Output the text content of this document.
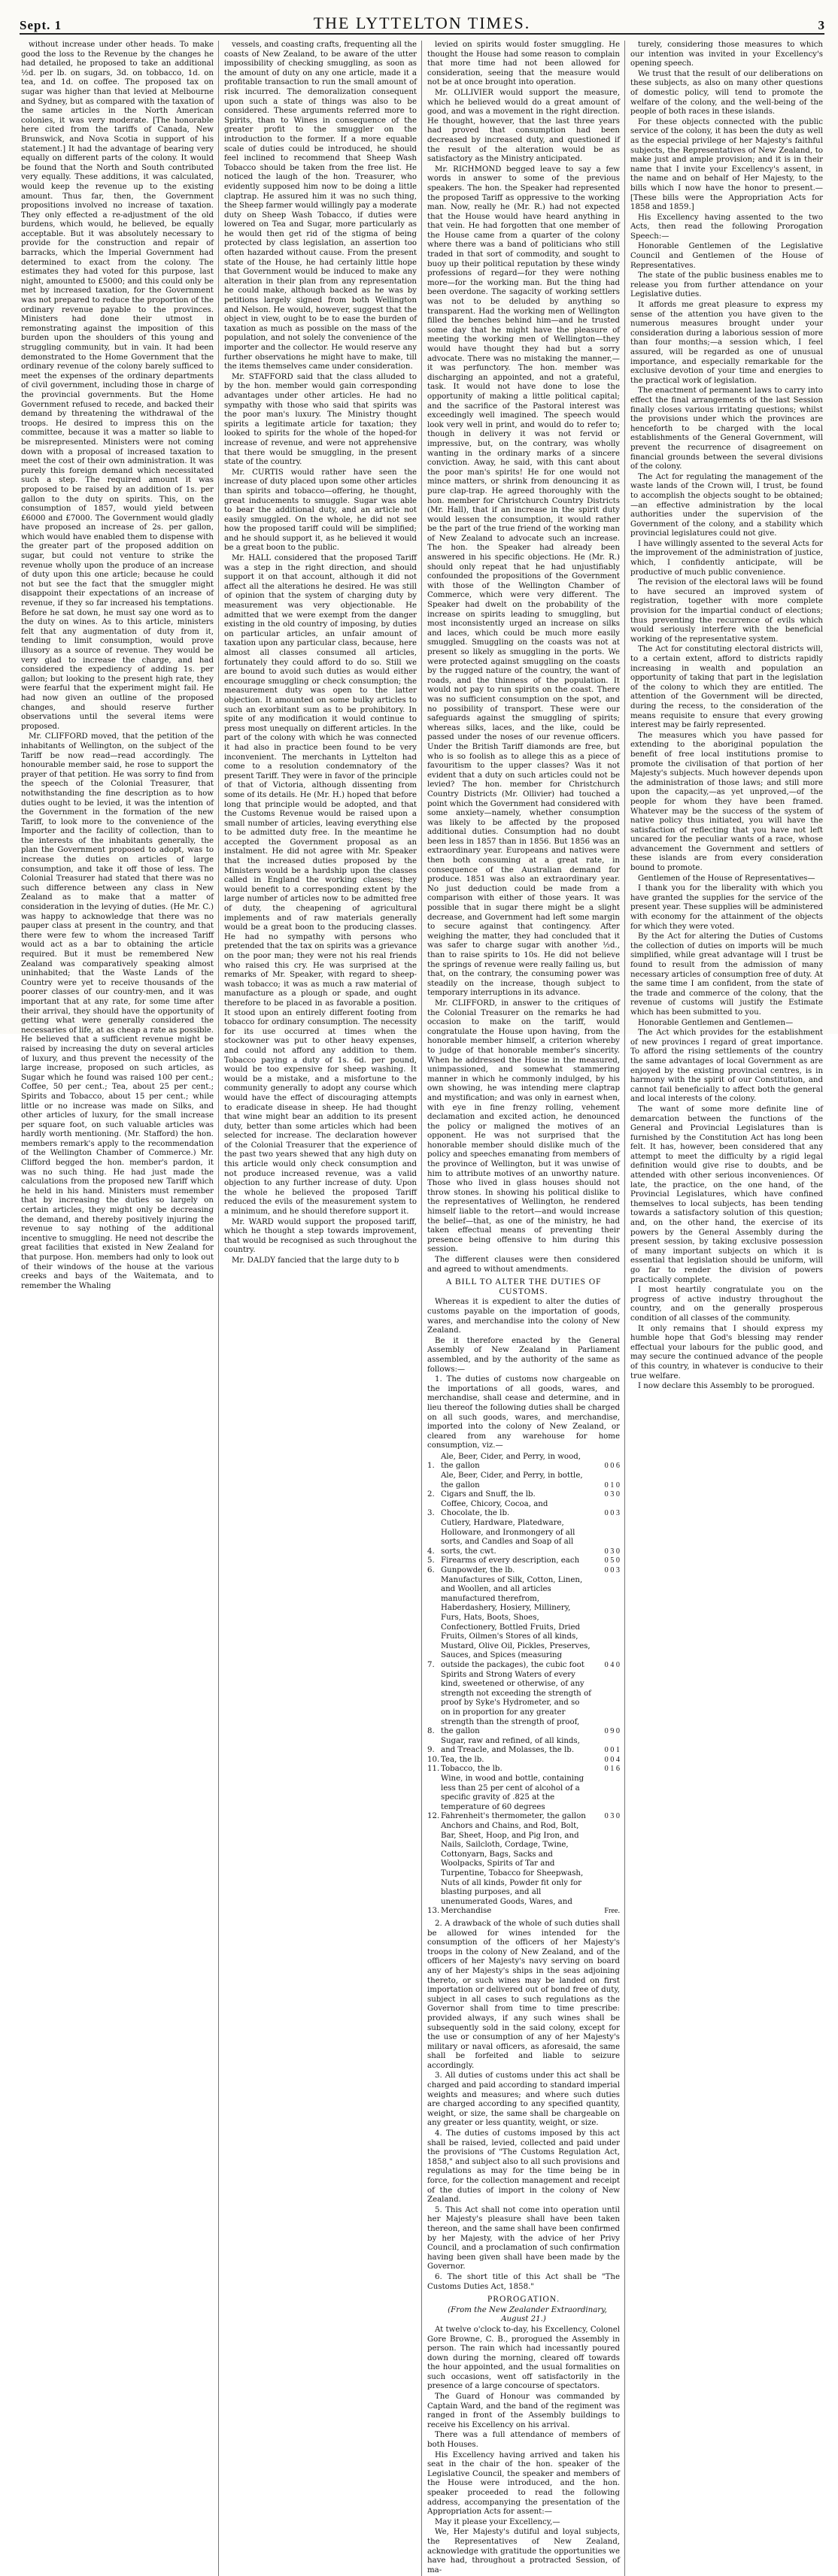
Sept. 1	THE LYTTELTON TIMES.	3

without increase under other heads. To make good the loss to the Revenue by the changes he had detailed, he proposed to take an additional ½d. per lb. on sugars, 3d. on tobbacco, 1d. on tea, and 1d. on coffee. The proposed tax on sugar was higher than that levied at Melbourne and Sydney, but as compared with the taxation of the same articles in the North American colonies, it was very moderate. [The honorable here cited from the tariffs of Canada, New Brunswick, and Nova Scotia in support of his statement.] It had the advantage of bearing very equally on different parts of the colony. It would be found that the North and South contributed very equally. These additions, it was calculated, would keep the revenue up to the existing amount. Thus far, then, the Government propositions involved no increase of taxation. They only effected a re-adjustment of the old burdens, which would, he believed, be equally acceptable. But it was absolutely necessary to provide for the construction and repair of barracks, which the Imperial Government had determined to exact from the colony. The estimates they had voted for this purpose, last night, amounted to £5000; and this could only be met by increased taxation, for the Government was not prepared to reduce the proportion of the ordinary revenue payable to the provinces. Ministers had done their utmost in remonstrating against the imposition of this burden upon the shoulders of this young and struggling community, but in vain. It had been demonstrated to the Home Government that the ordinary revenue of the colony barely sufficed to meet the expenses of the ordinary departments of civil government, including those in charge of the provincial governments. But the Home Government refused to recede, and backed their demand by threatening the withdrawal of the troops. He desired to impress this on the committee, because it was a matter so liable to be misrepresented. Ministers were not coming down with a proposal of increased taxation to meet the cost of their own administration. It was purely this foreign demand which necessitated such a step. The required amount it was proposed to be raised by an addition of 1s. per gallon to the duty on spirits. This, on the consumption of 1857, would yield between £6000 and £7000. The Government would gladly have proposed an increase of 2s. per gallon, which would have enabled them to dispense with the greater part of the proposed addition on sugar, but could not venture to strike the revenue wholly upon the produce of an increase of duty upon this one article; because he could not but see the fact that the smuggler might disappoint their expectations of an increase of revenue, if they so far increased his temptations. Before he sat down, he must say one word as to the duty on wines. As to this article, ministers felt that any augmentation of duty from it, tending to limit consumption, would prove illusory as a source of revenue. They would be very glad to increase the charge, and had considered the expediency of adding 1s. per gallon; but looking to the present high rate, they were fearful that the experiment might fail. He had now given an outline of the proposed changes, and should reserve further observations until the several items were proposed.

Mr. CLIFFORD moved, that the petition of the inhabitants of Wellington, on the subject of the Tariff be now read—read accordingly. The honourable member said, he rose to support the prayer of that petition. He was sorry to find from the speech of the Colonial Treasurer, that notwithstanding the fine description as to how duties ought to be levied, it was the intention of the Government in the formation of the new Tariff, to look more to the convenience of the Importer and the facility of collection, than to the interests of the inhabitants generally, the plan the Government proposed to adopt, was to increase the duties on articles of large consumption, and take it off those of less. The Colonial Treasurer had stated that there was no such difference between any class in New Zealand as to make that a matter of consideration in the levying of duties. (He Mr. C.) was happy to acknowledge that there was no pauper class at present in the country, and that there were few to whom the increased Tariff would act as a bar to obtaining the article required. But it must be remembered New Zealand was comparatively speaking almost uninhabited; that the Waste Lands of the Country were yet to receive thousands of the poorer classes of our country-men, and it was important that at any rate, for some time after their arrival, they should have the opportunity of getting what were generally considered the necessaries of life, at as cheap a rate as possible. He believed that a sufficient revenue might be raised by increasing the duty on several articles of luxury, and thus prevent the necessity of the large increase, proposed on such articles, as Sugar which he found was raised 100 per cent.; Coffee, 50 per cent.; Tea, about 25 per cent.; Spirits and Tobacco, about 15 per cent.; while little or no increase was made on Silks, and other articles of luxury, for the small increase per square foot, on such valuable articles was hardly worth mentioning. (Mr. Stafford) the hon. members remark's apply to the recommendation of the Wellington Chamber of Commerce.) Mr. Clifford begged the hon. member's pardon, it was no such thing. He had just made the calculations from the proposed new Tariff which he held in his hand. Ministers must remember that by increasing the duties so largely on certain articles, they might only be decreasing the demand, and thereby positively injuring the revenue to say nothing of the additional incentive to smuggling. He need not describe the great facilities that existed in New Zealand for that purpose. Hon. members had only to look out of their windows of the house at the various creeks and bays of the Waitemata, and to remember the Whaling

vessels, and coasting crafts, frequenting all the coasts of New Zealand, to be aware of the utter impossibility of checking smuggling, as soon as the amount of duty on any one article, made it a profitable transaction to run the small amount of risk incurred. The demoralization consequent upon such a state of things was also to be considered. These arguments referred more to Spirits, than to Wines in consequence of the greater profit to the smuggler on the introduction to the former. If a more equable scale of duties could be introduced, he should feel inclined to recommend that Sheep Wash Tobacco should be taken from the free list. He noticed the laugh of the hon. Treasurer, who evidently supposed him now to be doing a little claptrap. He assured him it was no such thing, the Sheep farmer would willingly pay a moderate duty on Sheep Wash Tobacco, if duties were lowered on Tea and Sugar, more particularly as he would then get rid of the stigma of being protected by class legislation, an assertion too often hazarded without cause. From the present state of the House, he had certainly little hope that Government would be induced to make any alteration in their plan from any representation he could make, although backed as he was by petitions largely signed from both Wellington and Nelson. He would, however, suggest that the object in view, ought to be to ease the burden of taxation as much as possible on the mass of the population, and not solely the convenience of the importer and the collector. He would reserve any further observations he might have to make, till the items themselves came under consideration.

Mr. STAFFORD said that the class alluded to by the hon. member would gain corresponding advantages under other articles. He had no sympathy with those who said that spirits was the poor man's luxury. The Ministry thought spirits a legitimate article for taxation; they looked to spirits for the whole of the hoped-for increase of revenue, and were not apprehensive that there would be smuggling, in the present state of the country.

Mr. CURTIS would rather have seen the increase of duty placed upon some other articles than spirits and tobacco—offering, he thought, great inducements to smuggle. Sugar was able to bear the additional duty, and an article not easily smuggled. On the whole, he did not see how the proposed tariff could will be simplified; and he should support it, as he believed it would be a great boon to the public.

Mr. HALL considered that the proposed Tariff was a step in the right direction, and should support it on that account, although it did not affect all the alterations he desired. He was still of opinion that the system of charging duty by measurement was very objectionable. He admitted that we were exempt from the danger existing in the old country of imposing, by duties on particular articles, an unfair amount of taxation upon any particular class, because, here almost all classes consumed all articles, fortunately they could afford to do so. Still we are bound to avoid such duties as would either encourage smuggling or check consumption; the measurement duty was open to the latter objection. It amounted on some bulky articles to such an exorbitant sum as to be prohibitory. In spite of any modification it would continue to press most unequally on different articles. In the part of the colony with which he was connected it had also in practice been found to be very inconvenient. The merchants in Lyttelton had come to a resolution condemnatory of the present Tariff. They were in favor of the principle of that of Victoria, although dissenting from some of its details. He (Mr. H.) hoped that before long that principle would be adopted, and that the Customs Revenue would be raised upon a small number of articles, leaving everything else to be admitted duty free. In the meantime he accepted the Government proposal as an instalment. He did not agree with Mr. Speaker that the increased duties proposed by the Ministers would be a hardship upon the classes called in England the working classes; they would benefit to a corresponding extent by the large number of articles now to be admitted free of duty, the cheapening of agricultural implements and of raw materials generally would be a great boon to the producing classes. He had no sympathy with persons who pretended that the tax on spirits was a grievance on the poor man; they were not his real friends who raised this cry. He was surprised at the remarks of Mr. Speaker, with regard to sheep-wash tobacco; it was as much a raw material of manufacture as a plough or spade, and ought therefore to be placed in as favorable a position. It stood upon an entirely different footing from tobacco for ordinary consumption. The necessity for its use occurred at times when the stockowner was put to other heavy expenses, and could not afford any addition to them. Tobacco paying a duty of 1s. 6d. per pound, would be too expensive for sheep washing. It would be a mistake, and a misfortune to the community generally to adopt any course which would have the effect of discouraging attempts to eradicate disease in sheep. He had thought that wine might bear an addition to its present duty, better than some articles which had been selected for increase. The declaration however of the Colonial Treasurer that the experience of the past two years shewed that any high duty on this article would only check consumption and not produce increased revenue, was a valid objection to any further increase of duty. Upon the whole he believed the proposed Tariff reduced the evils of the measurement system to a minimum, and he should therefore support it.

Mr. WARD would support the proposed tariff, which he thought a step towards improvement, that would be recognised as such throughout the country.

Mr. DALDY fancied that the large duty to b

levied on spirits would foster smuggling. He thought the House had some reason to complain that more time had not been allowed for consideration, seeing that the measure would not be at once brought into operation.

Mr. OLLIVIER would support the measure, which he believed would do a great amount of good, and was a movement in the right direction. He thought, however, that the last three years had proved that consumption had been decreased by increased duty, and questioned if the result of the alteration would be as satisfactory as the Ministry anticipated.

Mr. RICHMOND begged leave to say a few words in answer to some of the previous speakers. The hon. the Speaker had represented the proposed Tariff as oppressive to the working man. Now, really he (Mr. R.) had not expected that the House would have heard anything in that vein. He had forgotten that one member of the House came from a quarter of the colony where there was a band of politicians who still traded in that sort of commodity, and sought to buoy up their political reputation by these windy professions of regard—for they were nothing more—for the working man. But the thing had been overdone. The sagacity of working settlers was not to be deluded by anything so transparent. Had the working men of Wellington filled the benches behind him—and he trusted some day that he might have the pleasure of meeting the working men of Wellington—they would have thought they had but a sorry advocate. There was no mistaking the manner,—it was perfunctory. The hon. member was discharging an appointed, and not a grateful, task. It would not have done to lose the opportunity of making a little political capital; and the sacrifice of the Pastoral interest was exceedingly well imagined. The speech would look very well in print, and would do to refer to; though in delivery it was not fervid or impressive, but, on the contrary, was wholly wanting in the ordinary marks of a sincere conviction. Away, he said, with this cant about the poor man's spirits! He for one would not mince matters, or shrink from denouncing it as pure clap-trap. He agreed thoroughly with the hon. member for Christchurch Country Districts (Mr. Hall), that if an increase in the spirit duty would lessen the consumption, it would rather be the part of the true friend of the working man of New Zealand to advocate such an increase. The hon. the Speaker had already been answered in his specific objections. He (Mr. R.) should only repeat that he had unjustifiably confounded the propositions of the Government with those of the Wellington Chamber of Commerce, which were very different. The Speaker had dwelt on the probability of the increase on spirits leading to smuggling, but most inconsistently urged an increase on silks and laces, which could be much more easily smuggled. Smuggling on the coasts was not at present so likely as smuggling in the ports. We were protected against smuggling on the coasts by the rugged nature of the country, the want of roads, and the thinness of the population. It would not pay to run spirits on the coast. There was no sufficient consumption on the spot, and no possibility of transport. These were our safeguards against the smuggling of spirits; whereas silks, laces, and the like, could be passed under the noses of our revenue officers. Under the British Tariff diamonds are free, but who is so foolish as to allege this as a piece of favouritism to the upper classes? Was it not evident that a duty on such articles could not be levied? The hon. member for Christchurch Country Districts (Mr. Ollivier) had touched a point which the Government had considered with some anxiety—namely, whether consumption was likely to be affected by the proposed additional duties. Consumption had no doubt been less in 1857 than in 1856. But 1856 was an extraordinary year. Europeans and natives were then both consuming at a great rate, in consequence of the Australian demand for produce. 1851 was also an extraordinary year. No just deduction could be made from a comparison with either of those years. It was possible that in sugar there might be a slight decrease, and Government had left some margin to secure against that contingency. After weighing the matter, they had concluded that it was safer to charge sugar with another ½d., than to raise spirits to 10s. He did not believe the springs of revenue were really failing us, but that, on the contrary, the consuming power was steadily on the increase, though subject to temporary interruptions in its advance.

Mr. CLIFFORD, in answer to the critiques of the Colonial Treasurer on the remarks he had occasion to make on the tariff, would congratulate the House upon having, from the honorable member himself, a criterion whereby to judge of that honorable member's sincerity. When he addressed the House in the measured, unimpassioned, and somewhat stammering manner in which he commonly indulged, by his own showing, he was intending mere claptrap and mystification; and was only in earnest when, with eye in fine frenzy rolling, vehement declamation and excited action, he denounced the policy or maligned the motives of an opponent. He was not surprised that the honorable member should dislike much of the policy and speeches emanating from members of the province of Wellington, but it was unwise of him to attribute motives of an unworthy nature. Those who lived in glass houses should not throw stones. In showing his political dislike to the representatives of Wellington, he rendered himself liable to the retort—and would increase the belief—that, as one of the ministry, he had taken effectual means of preventing their presence being offensive to him during this session.

The different clauses were then considered and agreed to without amendments.

A BILL TO ALTER THE DUTIES OF CUSTOMS.

Whereas it is expedient to alter the duties of customs payable on the importation of goods, wares, and merchandise into the colony of New Zealand.

Be it therefore enacted by the General Assembly of New Zealand in Parliament assembled, and by the authority of the same as follows:—

1. The duties of customs now chargeable on the importations of all goods, wares, and merchandise, shall cease and determine, and in lieu thereof the following duties shall be charged on all such goods, wares, and merchandise, imported into the colony of New Zealand, or cleared from any warehouse for home consumption, viz.—

1.
Ale, Beer, Cider, and Perry, in wood, the gallon	0 0 6
Ale, Beer, Cider, and Perry, in bottle, the gallon	0 1 0
2. Cigars and Snuff, the lb.	0 3 0
3.
Coffee, Chicory, Cocoa, and Chocolate, the lb.	0 0 3
4.
Cutlery, Hardware, Platedware, Holloware, and Ironmongery of all sorts, and Candles and Soap of all sorts, the cwt.	0 3 0
5. Firearms of every description, each	0 5 0
6. Gunpowder, the lb.	0 0 3
7.
Manufactures of Silk, Cotton, Linen, and Woollen, and all articles manufactured therefrom, Haberdashery, Hosiery, Millinery, Furs, Hats, Boots, Shoes, Confectionery, Bottled Fruits, Dried Fruits, Oilmen's Stores of all kinds, Mustard, Olive Oil, Pickles, Preserves, Sauces, and Spices (measuring outside the packages), the cubic foot	0 4 0
8.
Spirits and Strong Waters of every kind, sweetened or otherwise, of any strength not exceeding the strength of proof by Syke's Hydrometer, and so on in proportion for any greater strength than the strength of proof, the gallon	0 9 0
9.
Sugar, raw and refined, of all kinds, and Treacle, and Molasses, the lb.	0 0 1
10. Tea, the lb.	0 0 4
11. Tobacco, the lb.	0 1 6
12.
Wine, in wood and bottle, containing less than 25 per cent of alcohol of a specific gravity of .825 at the temperature of 60 degrees Fahrenheit's thermometer, the gallon	0 3 0
13.
Anchors and Chains, and Rod, Bolt, Bar, Sheet, Hoop, and Pig Iron, and Nails, Sailcloth, Cordage, Twine, Cottonyarn, Bags, Sacks and Woolpacks, Spirits of Tar and Turpentine, Tobacco for Sheepwash, Nuts of all kinds, Powder fit only for blasting purposes, and all unenumerated Goods, Wares, and Merchandise	Free.

2. A drawback of the whole of such duties shall be allowed for wines intended for the consumption of the officers of her Majesty's troops in the colony of New Zealand, and of the officers of her Majesty's navy serving on board any of her Majesty's ships in the seas adjoining thereto, or such wines may be landed on first importation or delivered out of bond free of duty, subject in all cases to such regulations as the Governor shall from time to time prescribe: provided always, if any such wines shall be subsequently sold in the said colony, except for the use or consumption of any of her Majesty's military or naval officers, as aforesaid, the same shall be forfeited and liable to seizure accordingly.

3. All duties of customs under this act shall be charged and paid according to standard imperial weights and measures; and where such duties are charged according to any specified quantity, weight, or size, the same shall be chargeable on any greater or less quantity, weight, or size.

4. The duties of customs imposed by this act shall be raised, levied, collected and paid under the provisions of "The Customs Regulation Act, 1858," and subject also to all such provisions and regulations as may for the time being be in force, for the collection management and receipt of the duties of import in the colony of New Zealand.

5. This Act shall not come into operation until her Majesty's pleasure shall have been taken thereon, and the same shall have been confirmed by her Majesty, with the advice of her Privy Council, and a proclamation of such confirmation having been given shall have been made by the Governor.

6. The short title of this Act shall be "The Customs Duties Act, 1858."

PROROGATION.

(From the New Zealander Extraordinary, August 21.)

At twelve o'clock to-day, his Excellency, Colonel Gore Browne, C. B., prorogued the Assembly in person. The rain which had incessantly poured down during the morning, cleared off towards the hour appointed, and the usual formalities on such occasions, went off satisfactorily in the presence of a large concourse of spectators.

The Guard of Honour was commanded by Captain Ward, and the band of the regiment was ranged in front of the Assembly buildings to receive his Excellency on his arrival.

There was a full attendance of members of both Houses.

His Excellency having arrived and taken his seat in the chair of the hon. speaker of the Legislative Council, the speaker and members of the House were introduced, and the hon. speaker proceeded to read the following address, accompanying the presentation of the Appropriation Acts for assent:—

May it please your Excellency,—

We, Her Majesty's dutiful and loyal subjects, the Representatives of New Zealand, acknowledge with gratitude the opportunities we have had, throughout a protracted Session, of ma-

turely, considering those measures to which our intention was invited in your Excellency's opening speech.

We trust that the result of our deliberations on these subjects, as also on many other questions of domestic policy, will tend to promote the welfare of the colony, and the well-being of the people of both races in these islands.

For these objects connected with the public service of the colony, it has been the duty as well as the especial privilege of her Majesty's faithful subjects, the Representatives of New Zealand, to make just and ample provision; and it is in their name that I invite your Excellency's assent, in the name and on behalf of Her Majesty, to the bills which I now have the honor to present.—[These bills were the Appropriation Acts for 1858 and 1859.]

His Excellency having assented to the two Acts, then read the following Prorogation Speech:—

Honorable Gentlemen of the Legislative Council and Gentlemen of the House of Representatives.

The state of the public business enables me to release you from further attendance on your Legislative duties.

It affords me great pleasure to express my sense of the attention you have given to the numerous measures brought under your consideration during a laborious session of more than four months;—a session which, I feel assured, will be regarded as one of unusual importance, and especially remarkable for the exclusive devotion of your time and energies to the practical work of legislation.

The enactment of permanent laws to carry into effect the final arrangements of the last Session finally closes various irritating questions; whilst the provisions under which the provinces are henceforth to be charged with the local establishments of the General Government, will prevent the recurrence of disagreement on financial grounds between the several divisions of the colony.

The Act for regulating the management of the waste lands of the Crown will, I trust, be found to accomplish the objects sought to be obtained;—an effective administration by the local authorities under the supervision of the Government of the colony, and a stability which provincial legislatures could not give.

I have willingly assented to the several Acts for the improvement of the administration of justice, which, I confidently anticipate, will be productive of much public convenience.

The revision of the electoral laws will be found to have secured an improved system of registration, together with more complete provision for the impartial conduct of elections; thus preventing the recurrence of evils which would seriously interfere with the beneficial working of the representative system.

The Act for constituting electoral districts will, to a certain extent, afford to districts rapidly increasing in wealth and population an opportunity of taking that part in the legislation of the colony to which they are entitled. The attention of the Government will be directed, during the recess, to the consideration of the means requisite to ensure that every growing interest may be fairly represented.

The measures which you have passed for extending to the aboriginal population the benefit of free local institutions promise to promote the civilisation of that portion of her Majesty's subjects. Much however depends upon the administration of those laws; and still more upon the capacity,—as yet unproved,—of the people for whom they have been framed. Whatever may be the success of the system of native policy thus initiated, you will have the satisfaction of reflecting that you have not left uncared for the peculiar wants of a race, whose advancement the Government and settlers of these islands are from every consideration bound to promote.

Gentlemen of the House of Representatives—

I thank you for the liberality with which you have granted the supplies for the service of the present year. These supplies will be administered with economy for the attainment of the objects for which they were voted.

By the Act for altering the Duties of Customs the collection of duties on imports will be much simplified, while great advantage will I trust be found to result from the admission of many necessary articles of consumption free of duty. At the same time I am confident, from the state of the trade and commerce of the colony, that the revenue of customs will justify the Estimate which has been submitted to you.

Honorable Gentlemen and Gentlemen—

The Act which provides for the establishment of new provinces I regard of great importance. To afford the rising settlements of the country the same advantages of local Government as are enjoyed by the existing provincial centres, is in harmony with the spirit of our Constitution, and cannot fail beneficially to affect both the general and local interests of the colony.

The want of some more definite line of demarcation between the functions of the General and Provincial Legislatures than is furnished by the Constitution Act has long been felt. It has, however, been considered that any attempt to meet the difficulty by a rigid legal definition would give rise to doubts, and be attended with other serious inconveniences. Of late, the practice, on the one hand, of the Provincial Legislatures, which have confined themselves to local subjects, has been tending towards a satisfactory solution of this question; and, on the other hand, the exercise of its powers by the General Assembly during the present session, by taking exclusive possession of many important subjects on which it is essential that legislation should be uniform, will go far to render the division of powers practically complete.

I most heartily congratulate you on the progress of active industry throughout the country, and on the generally prosperous condition of all classes of the community.

It only remains that I should express my humble hope that God's blessing may render effectual your labours for the public good, and may secure the continued advance of the people of this country, in whatever is conducive to their true welfare.

I now declare this Assembly to be prorogued.
